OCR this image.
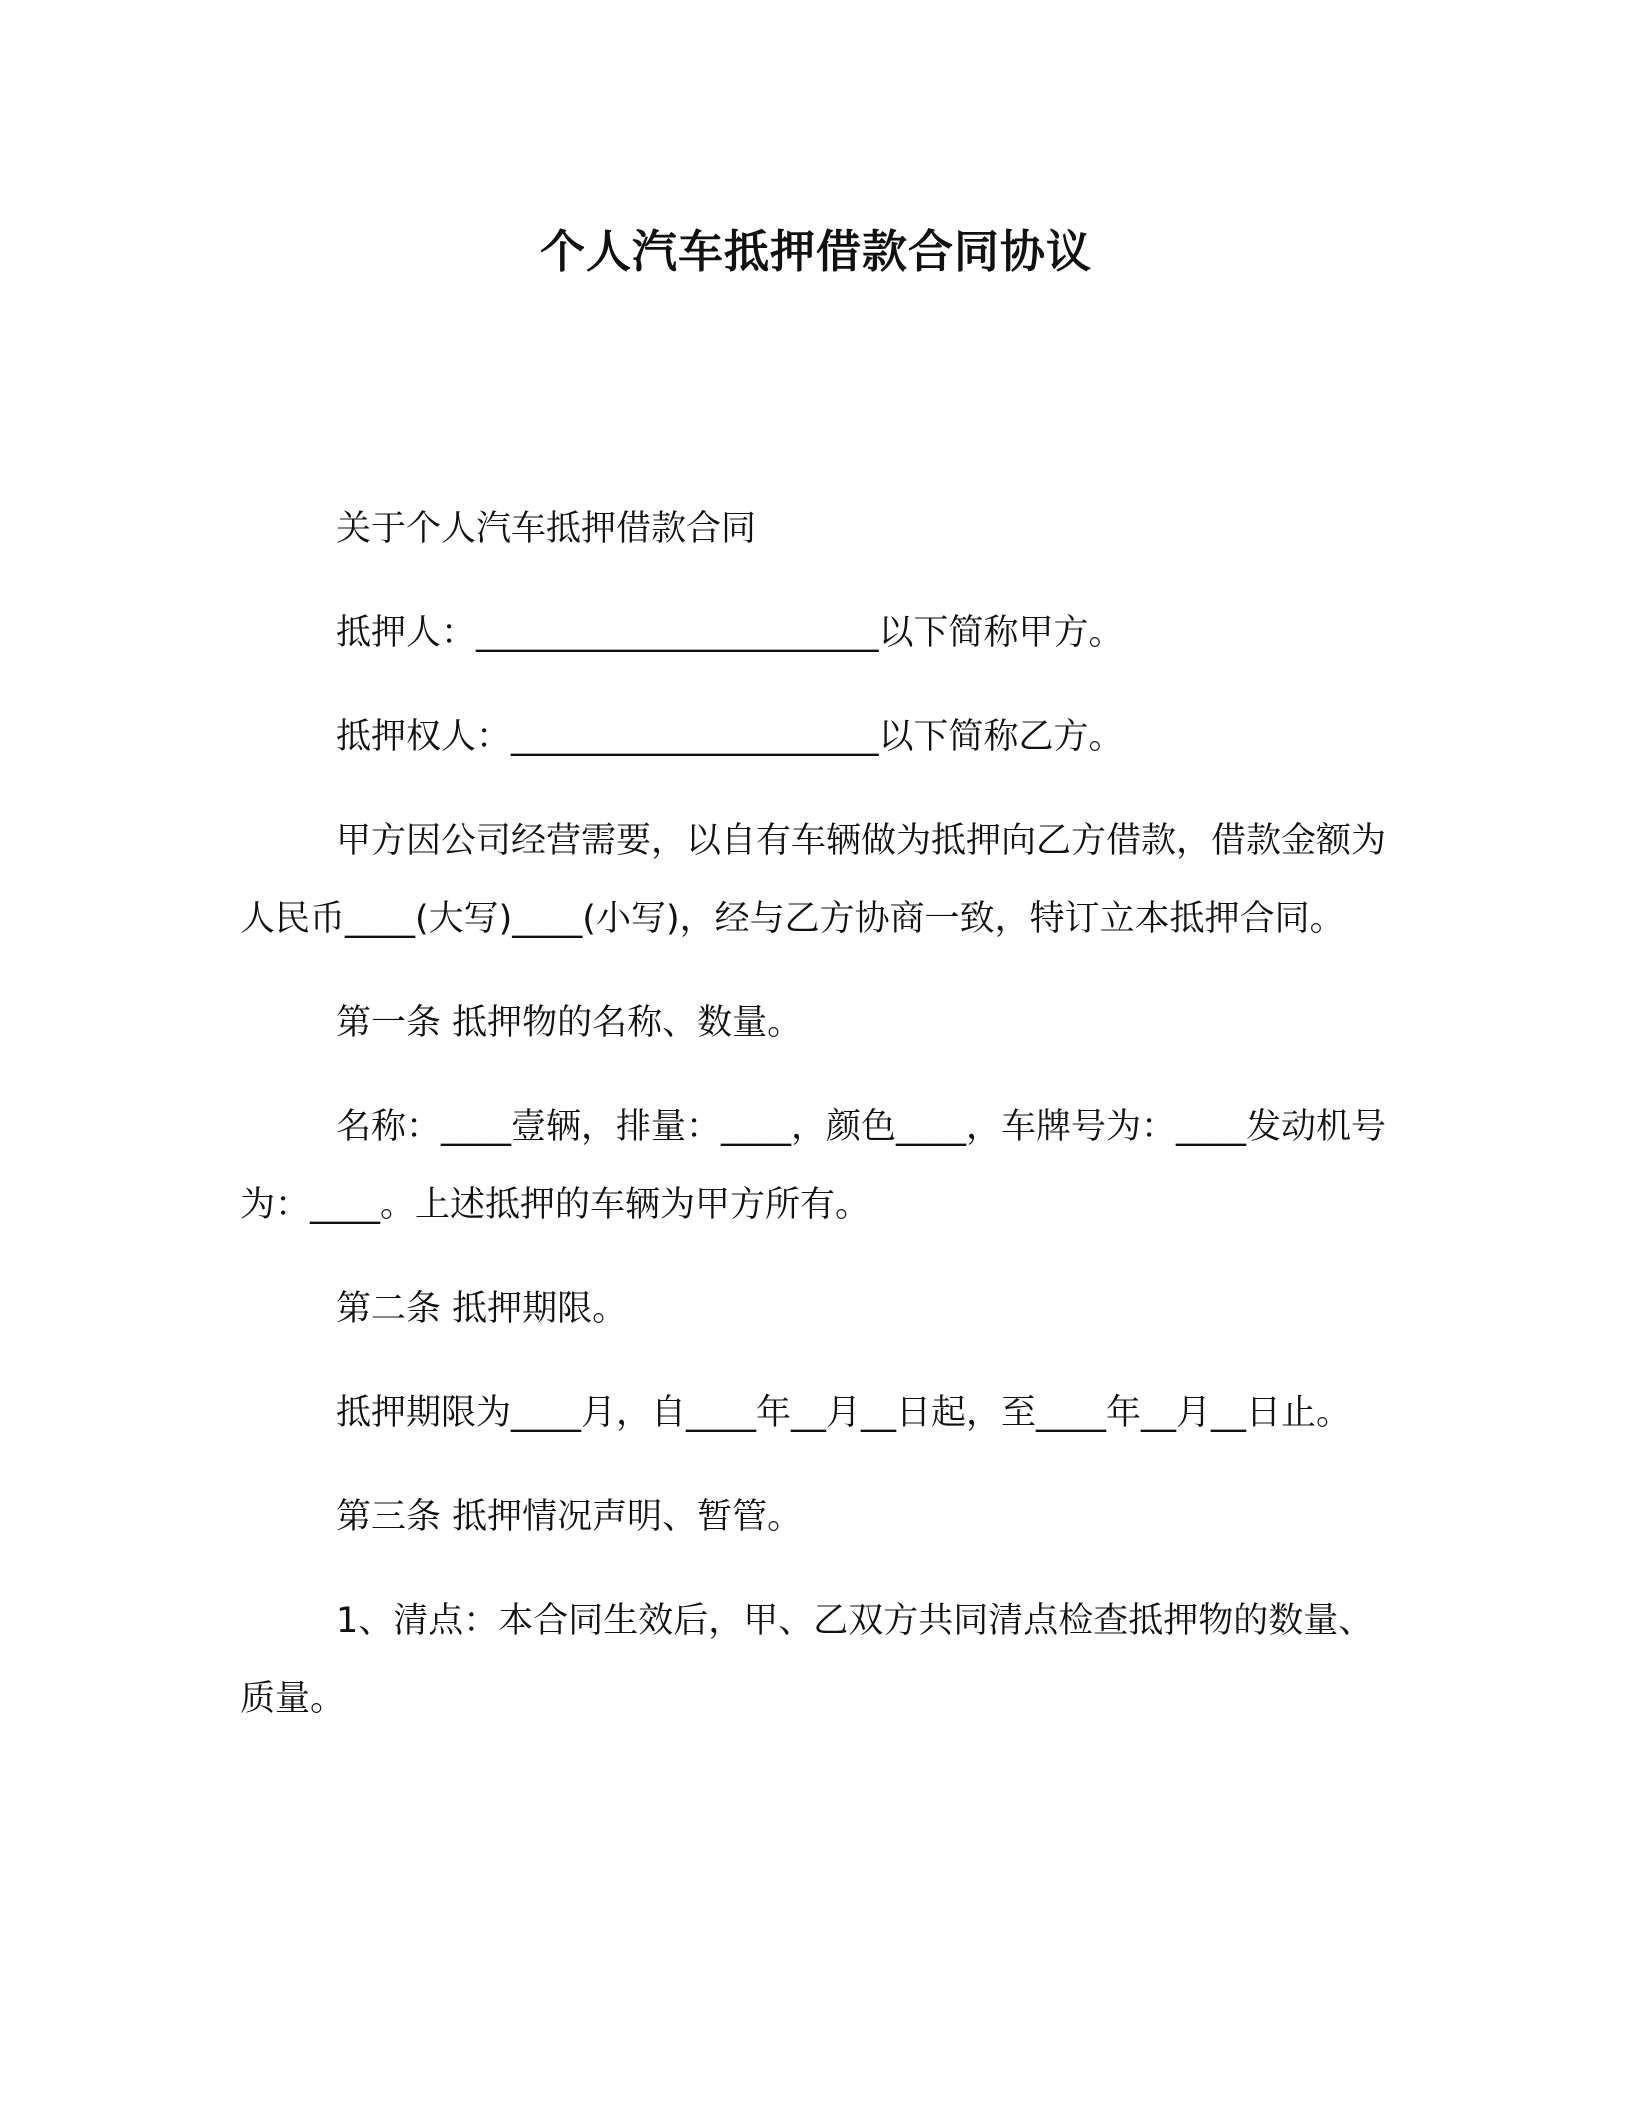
个人汽车抵押借款合同协议

关于个人汽车抵押借款合同

抵押人：_______________________以下简称甲方。

抵押权人：_____________________以下简称乙方。

甲方因公司经营需要，以自有车辆做为抵押向乙方借款，借款金额为人民币____(大写)____(小写)，经与乙方协商一致，特订立本抵押合同。

第一条 抵押物的名称、数量。

名称：____壹辆，排量：____，颜色____，车牌号为：____发动机号为：____。上述抵押的车辆为甲方所有。

第二条 抵押期限。

抵押期限为____月，自____年__月__日起，至____年__月__日止。

第三条 抵押情况声明、暂管。

1、清点：本合同生效后，甲、乙双方共同清点检查抵押物的数量、质量。
